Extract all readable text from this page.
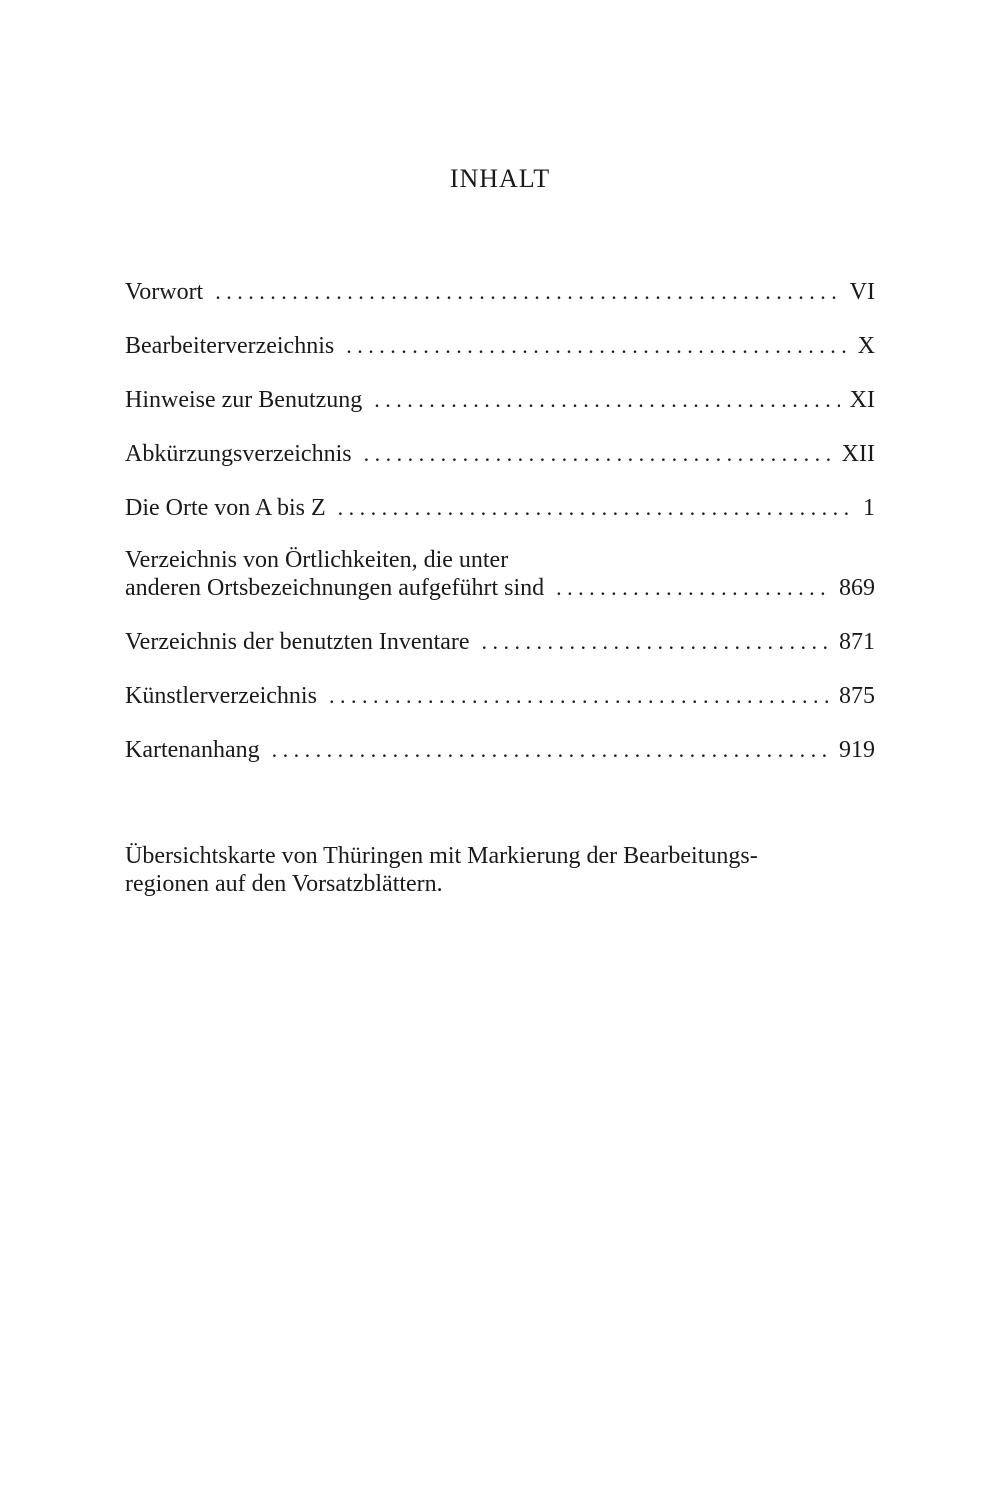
INHALT
Vorwort . . .	VI
Bearbeiterverzeichnis . . .	X
Hinweise zur Benutzung . . .	XI
Abkürzungsverzeichnis . . .	XII
Die Orte von A bis Z . . .	1
Verzeichnis von Örtlichkeiten, die unter
anderen Ortsbezeichnungen aufgeführt sind . . .	869
Verzeichnis der benutzten Inventare . . .	871
Künstlerverzeichnis . . .	875
Kartenanhang . . .	919
Übersichtskarte von Thüringen mit Markierung der Bearbeitungs-
regionen auf den Vorsatzblättern.
